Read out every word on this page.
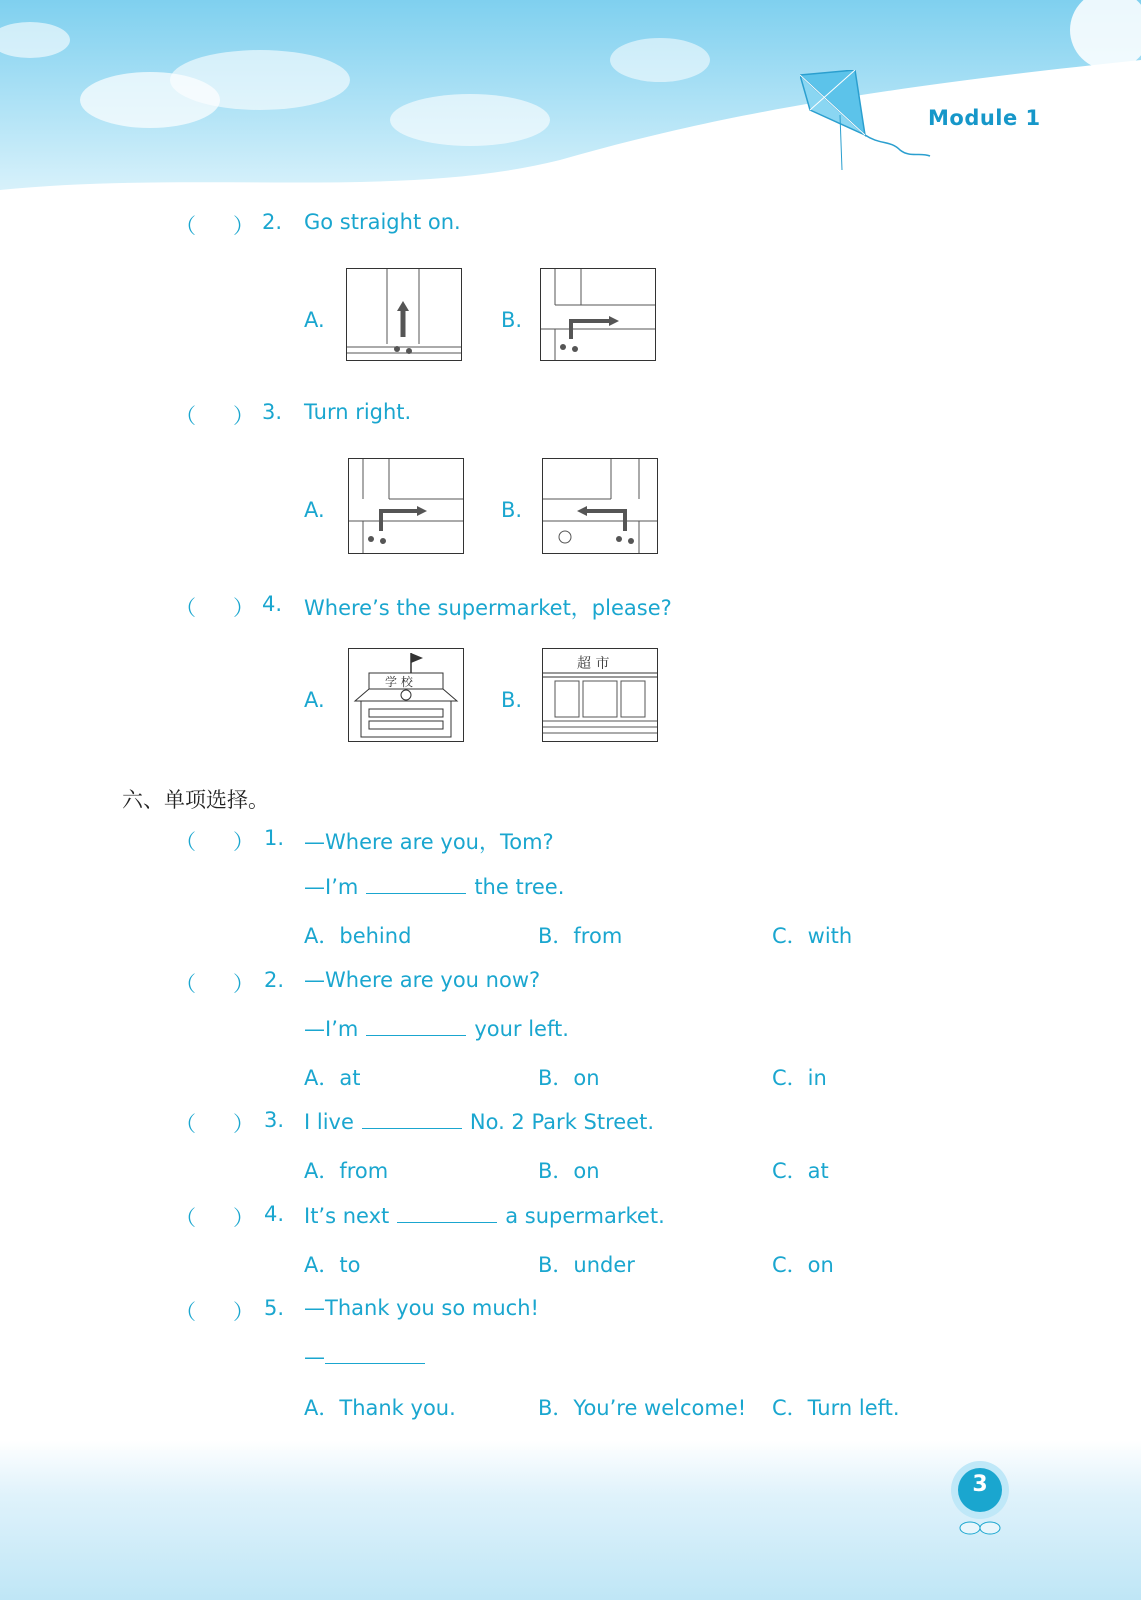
Module 1
（ ） 2. Go straight on.
A.	B.
（ ） 3. Turn right.
A.	B.
（ ） 4. Where’s the supermarket，please?
A.
学 校
B.
超 市
六、单项选择。
（ ） 1. —Where are you，Tom?
—I’m	the tree.
A．behind	B．from	C．with
（ ） 2. —Where are you now?
—I’m	your left.
A．at	B．on	C．in
（ ） 3. I live	No. 2 Park Street.
A．from	B．on	C．at
（ ） 4. It’s next	a supermarket.
A．to	B．under	C．on
（ ） 5. —Thank you so much!
—
A．Thank you.	B．You’re welcome! C．Turn left.
3
